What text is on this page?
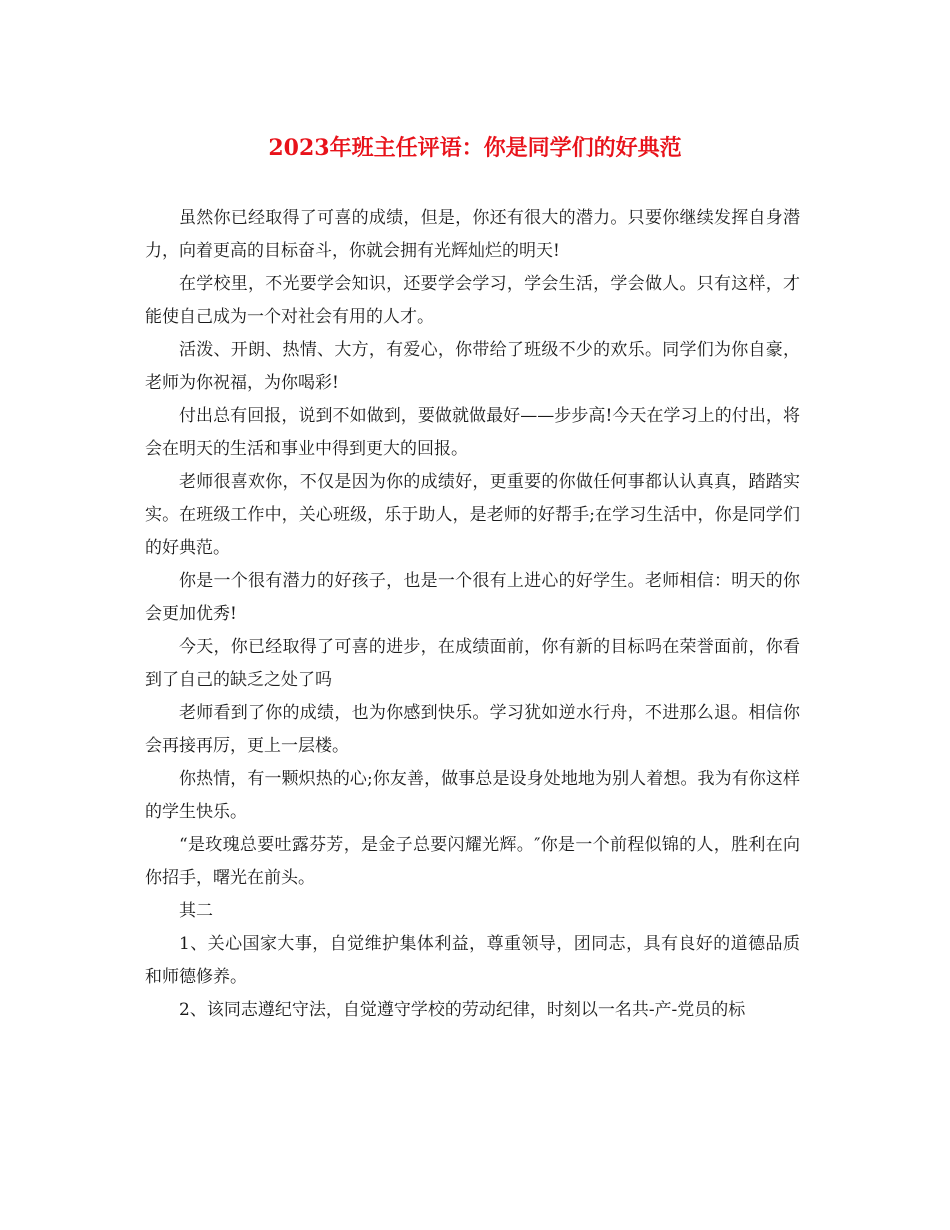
2023年班主任评语：你是同学们的好典范

虽然你已经取得了可喜的成绩，但是，你还有很大的潜力。只要你继续发挥自身潜力，向着更高的目标奋斗，你就会拥有光辉灿烂的明天!

在学校里，不光要学会知识，还要学会学习，学会生活，学会做人。只有这样，才能使自己成为一个对社会有用的人才。

活泼、开朗、热情、大方，有爱心，你带给了班级不少的欢乐。同学们为你自豪，老师为你祝福，为你喝彩!

付出总有回报，说到不如做到，要做就做最好——步步高!今天在学习上的付出，将会在明天的生活和事业中得到更大的回报。

老师很喜欢你，不仅是因为你的成绩好，更重要的你做任何事都认认真真，踏踏实实。在班级工作中，关心班级，乐于助人，是老师的好帮手;在学习生活中，你是同学们的好典范。

你是一个很有潜力的好孩子，也是一个很有上进心的好学生。老师相信：明天的你会更加优秀!

今天，你已经取得了可喜的进步，在成绩面前，你有新的目标吗在荣誉面前，你看到了自己的缺乏之处了吗

老师看到了你的成绩，也为你感到快乐。学习犹如逆水行舟，不进那么退。相信你会再接再厉，更上一层楼。

你热情，有一颗炽热的心;你友善，做事总是设身处地地为别人着想。我为有你这样的学生快乐。

“是玫瑰总要吐露芬芳，是金子总要闪耀光辉。″你是一个前程似锦的人，胜利在向你招手，曙光在前头。

其二

1、关心国家大事，自觉维护集体利益，尊重领导，团同志，具有良好的道德品质和师德修养。

2、该同志遵纪守法，自觉遵守学校的劳动纪律，时刻以一名共-产-党员的标
